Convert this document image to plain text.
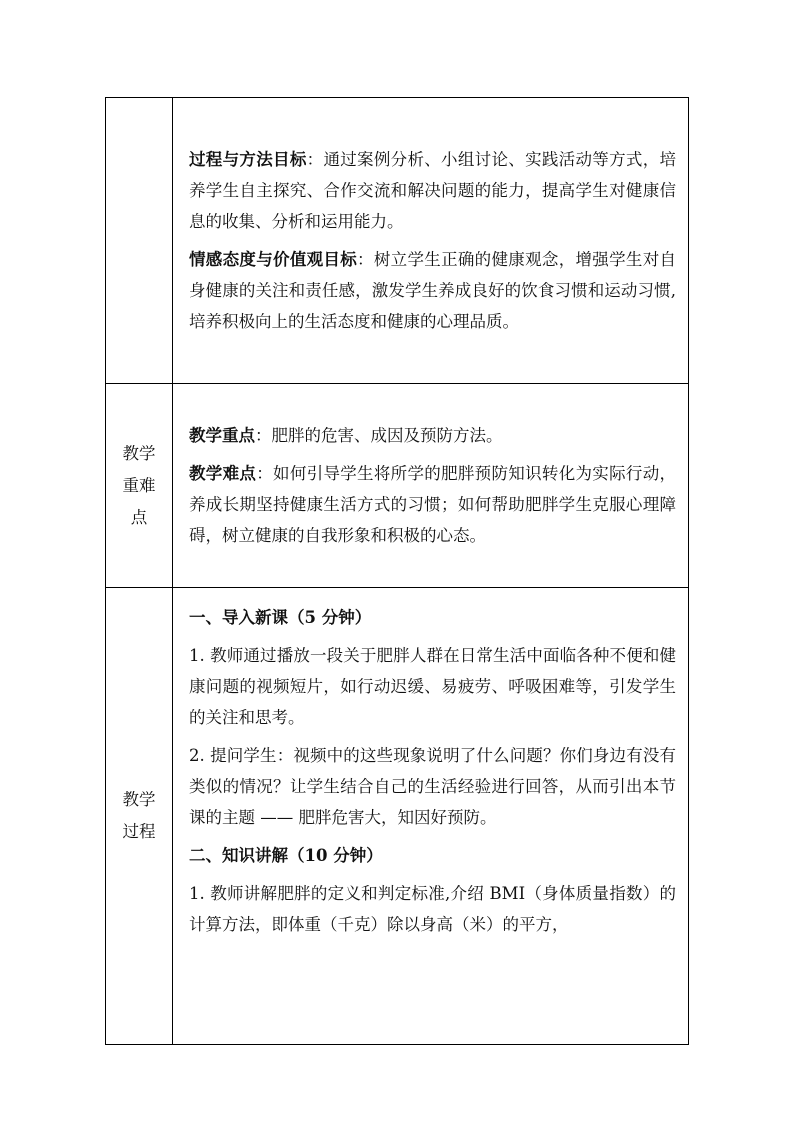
	过程与方法目标：通过案例分析、小组讨论、实践活动等方式，培养学生自主探究、合作交流和解决问题的能力，提高学生对健康信息的收集、分析和运用能力。

情感态度与价值观目标：树立学生正确的健康观念，增强学生对自身健康的关注和责任感，激发学生养成良好的饮食习惯和运动习惯,培养积极向上的生活态度和健康的心理品质。

教学重难点	教学重点：肥胖的危害、成因及预防方法。

教学难点：如何引导学生将所学的肥胖预防知识转化为实际行动，养成长期坚持健康生活方式的习惯；如何帮助肥胖学生克服心理障碍，树立健康的自我形象和积极的心态。

教学过程	一、导入新课（5 分钟）

1. 教师通过播放一段关于肥胖人群在日常生活中面临各种不便和健康问题的视频短片，如行动迟缓、易疲劳、呼吸困难等，引发学生的关注和思考。

2. 提问学生：视频中的这些现象说明了什么问题？你们身边有没有类似的情况？让学生结合自己的生活经验进行回答，从而引出本节课的主题 —— 肥胖危害大，知因好预防。

二、知识讲解（10 分钟）

1. 教师讲解肥胖的定义和判定标准,介绍 BMI（身体质量指数）的计算方法，即体重（千克）除以身高（米）的平方，
